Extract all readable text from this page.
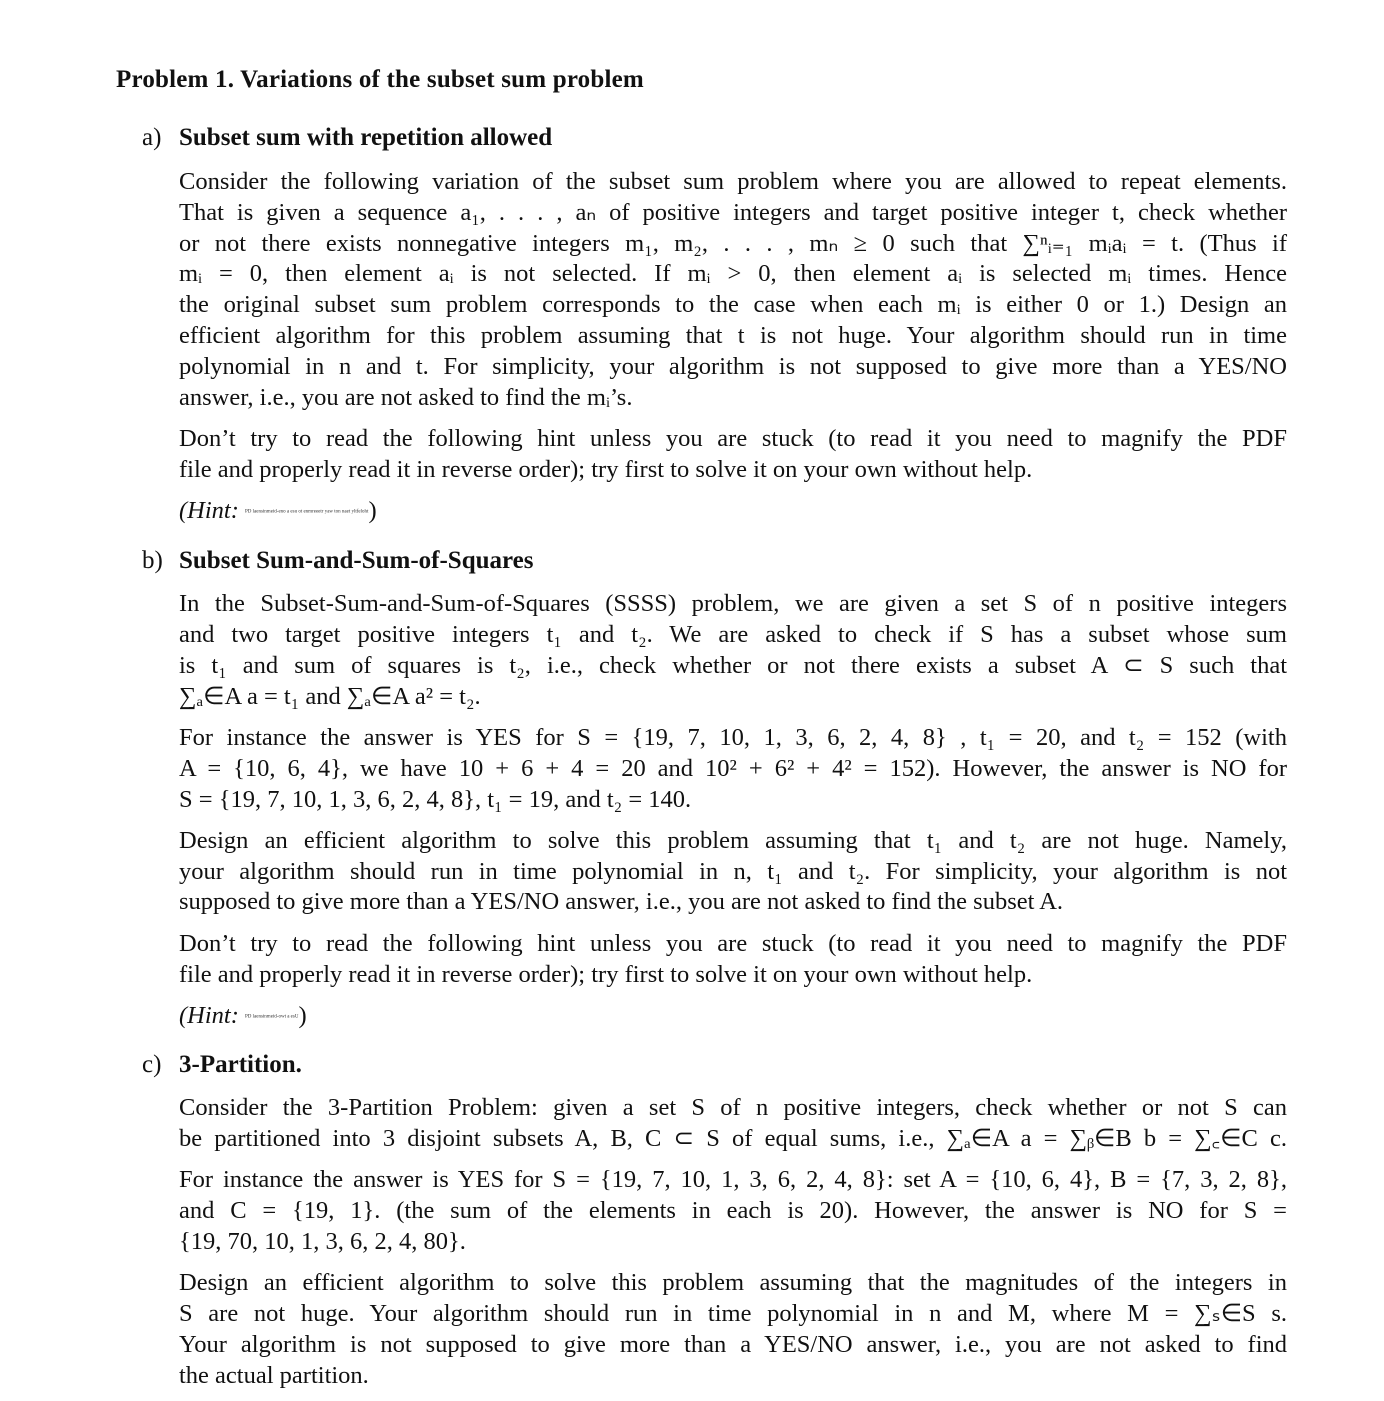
Problem 1. Variations of the subset sum problem
a) Subset sum with repetition allowed
Consider the following variation of the subset sum problem where you are allowed to repeat elements.
That is given a sequence a₁, . . . , aₙ of positive integers and target positive integer t, check whether
or not there exists nonnegative integers m₁, m₂, . . . , mₙ ≥ 0 such that ∑ⁿᵢ₌₁ mᵢaᵢ = t. (Thus if
mᵢ = 0, then element aᵢ is not selected. If mᵢ > 0, then element aᵢ is selected mᵢ times. Hence
the original subset sum problem corresponds to the case when each mᵢ is either 0 or 1.) Design an
efficient algorithm for this problem assuming that t is not huge. Your algorithm should run in time
polynomial in n and t. For simplicity, your algorithm is not supposed to give more than a YES/NO
answer, i.e., you are not asked to find the mᵢ’s.
Don’t try to read the following hint unless you are stuck (to read it you need to magnify the PDF
file and properly read it in reverse order); try first to solve it on your own without help.
(Hint: PD laensinmeid-eno a esu ot enmreeetr yaw ton naet yltfeloht)
b) Subset Sum-and-Sum-of-Squares
In the Subset-Sum-and-Sum-of-Squares (SSSS) problem, we are given a set S of n positive integers
and two target positive integers t₁ and t₂. We are asked to check if S has a subset whose sum
is t₁ and sum of squares is t₂, i.e., check whether or not there exists a subset A ⊂ S such that
∑ₐ∈A a = t₁ and ∑ₐ∈A a² = t₂.
For instance the answer is YES for S = {19, 7, 10, 1, 3, 6, 2, 4, 8} , t₁ = 20, and t₂ = 152 (with
A = {10, 6, 4}, we have 10 + 6 + 4 = 20 and 10² + 6² + 4² = 152). However, the answer is NO for
S = {19, 7, 10, 1, 3, 6, 2, 4, 8}, t₁ = 19, and t₂ = 140.
Design an efficient algorithm to solve this problem assuming that t₁ and t₂ are not huge. Namely,
your algorithm should run in time polynomial in n, t₁ and t₂. For simplicity, your algorithm is not
supposed to give more than a YES/NO answer, i.e., you are not asked to find the subset A.
Don’t try to read the following hint unless you are stuck (to read it you need to magnify the PDF
file and properly read it in reverse order); try first to solve it on your own without help.
(Hint: PD laensinmeid-owt a esU)
c) 3-Partition.
Consider the 3-Partition Problem: given a set S of n positive integers, check whether or not S can
be partitioned into 3 disjoint subsets A, B, C ⊂ S of equal sums, i.e., ∑ₐ∈A a = ∑ᵦ∈B b = ∑꜀∈C c.
For instance the answer is YES for S = {19, 7, 10, 1, 3, 6, 2, 4, 8}: set A = {10, 6, 4}, B = {7, 3, 2, 8},
and C = {19, 1}. (the sum of the elements in each is 20). However, the answer is NO for S =
{19, 70, 10, 1, 3, 6, 2, 4, 80}.
Design an efficient algorithm to solve this problem assuming that the magnitudes of the integers in
S are not huge. Your algorithm should run in time polynomial in n and M, where M = ∑ₛ∈S s.
Your algorithm is not supposed to give more than a YES/NO answer, i.e., you are not asked to find
the actual partition.
